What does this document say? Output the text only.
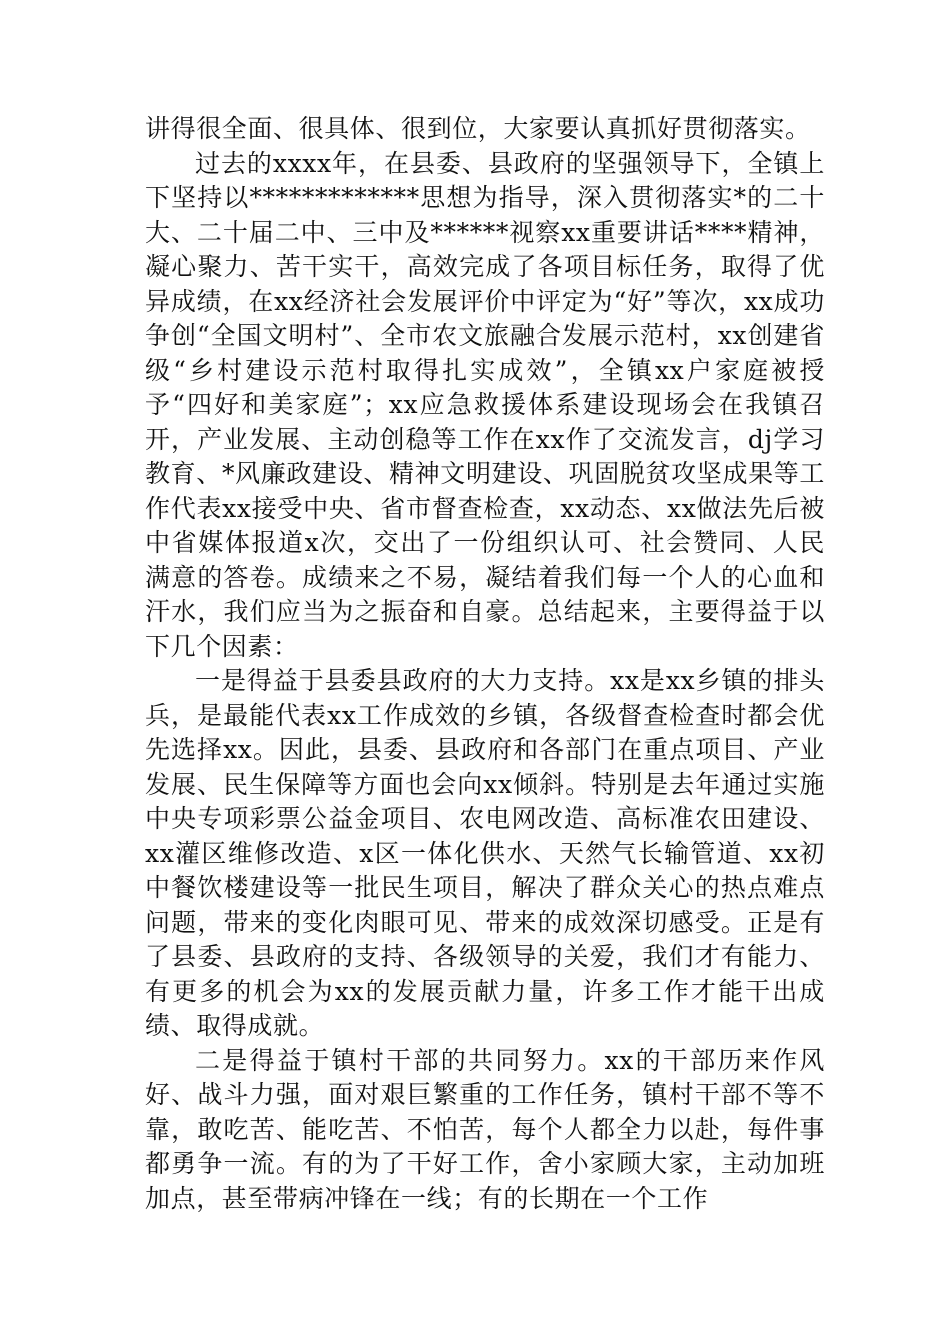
讲得很全面、很具体、很到位，大家要认真抓好贯彻落实。

过去的xxxx年，在县委、县政府的坚强领导下，全镇上下坚持以*************思想为指导，深入贯彻落实*的二十大、二十届二中、三中及******视察xx重要讲话****精神，凝心聚力、苦干实干，高效完成了各项目标任务，取得了优异成绩，在xx经济社会发展评价中评定为“好”等次，xx成功争创“全国文明村”、全市农文旅融合发展示范村，xx创建省级“乡村建设示范村取得扎实成效”，全镇xx户家庭被授予“四好和美家庭”；xx应急救援体系建设现场会在我镇召开，产业发展、主动创稳等工作在xx作了交流发言，dj学习教育、*风廉政建设、精神文明建设、巩固脱贫攻坚成果等工作代表xx接受中央、省市督查检查，xx动态、xx做法先后被中省媒体报道x次，交出了一份组织认可、社会赞同、人民满意的答卷。成绩来之不易，凝结着我们每一个人的心血和汗水，我们应当为之振奋和自豪。总结起来，主要得益于以下几个因素：

一是得益于县委县政府的大力支持。xx是xx乡镇的排头兵，是最能代表xx工作成效的乡镇，各级督查检查时都会优先选择xx。因此，县委、县政府和各部门在重点项目、产业发展、民生保障等方面也会向xx倾斜。特别是去年通过实施中央专项彩票公益金项目、农电网改造、高标准农田建设、xx灌区维修改造、x区一体化供水、天然气长输管道、xx初中餐饮楼建设等一批民生项目，解决了群众关心的热点难点问题，带来的变化肉眼可见、带来的成效深切感受。正是有了县委、县政府的支持、各级领导的关爱，我们才有能力、有更多的机会为xx的发展贡献力量，许多工作才能干出成绩、取得成就。

二是得益于镇村干部的共同努力。xx的干部历来作风好、战斗力强，面对艰巨繁重的工作任务，镇村干部不等不靠，敢吃苦、能吃苦、不怕苦，每个人都全力以赴，每件事都勇争一流。有的为了干好工作，舍小家顾大家，主动加班加点，甚至带病冲锋在一线；有的长期在一个工作
